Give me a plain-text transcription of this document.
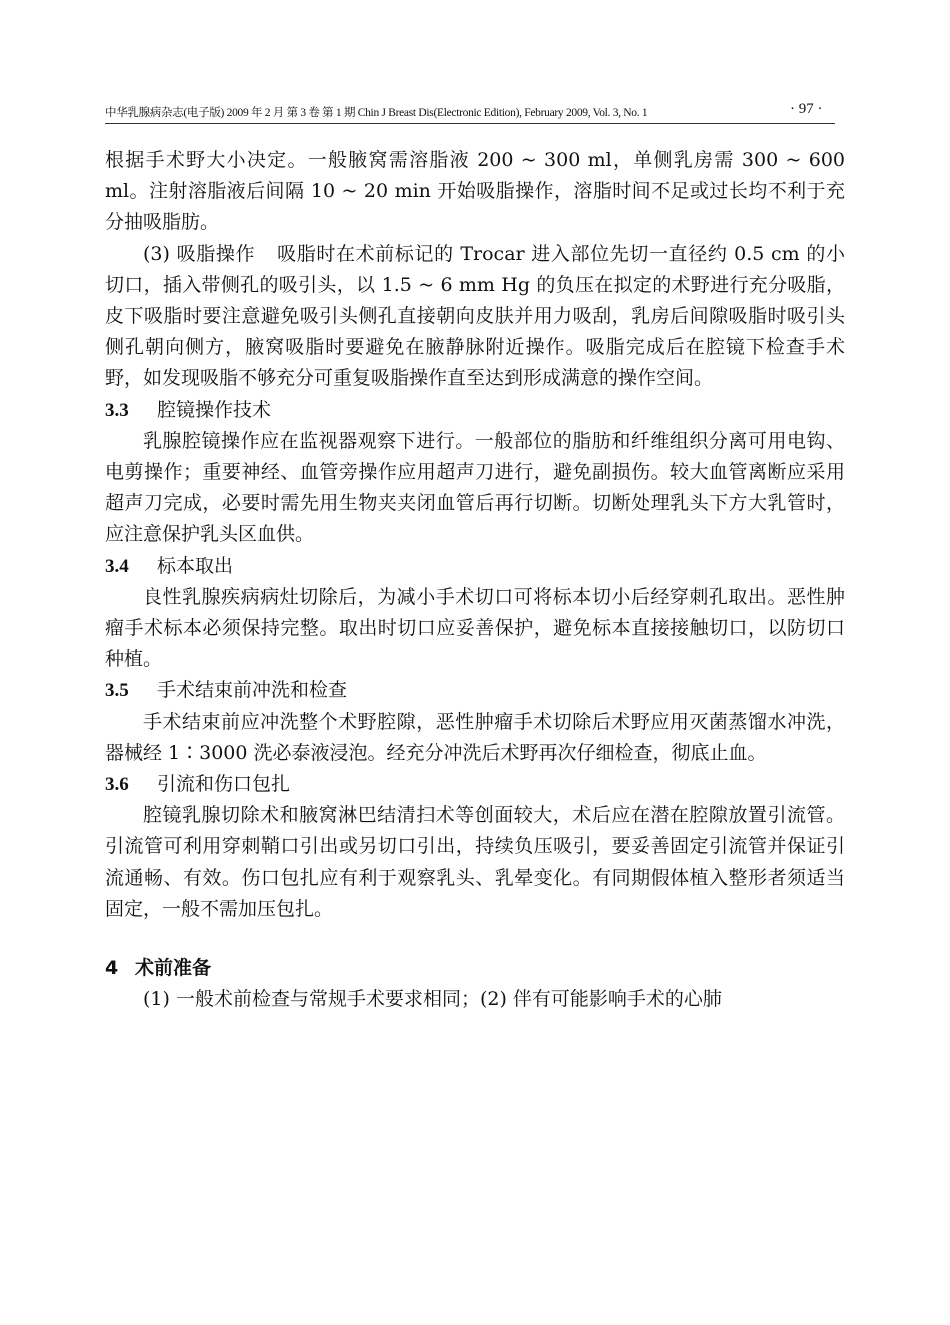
中华乳腺病杂志(电子版) 2009 年 2 月 第 3 卷 第 1 期 Chin J Breast Dis(Electronic Edition), February 2009, Vol. 3, No. 1	· 97 ·

根据手术野大小决定。一般腋窝需溶脂液 200 ~ 300 ml，单侧乳房需 300 ~ 600 ml。注射溶脂液后间隔 10 ~ 20 min 开始吸脂操作，溶脂时间不足或过长均不利于充分抽吸脂肪。

(3) 吸脂操作 吸脂时在术前标记的 Trocar 进入部位先切一直径约 0.5 cm 的小切口，插入带侧孔的吸引头，以 1.5 ~ 6 mm Hg 的负压在拟定的术野进行充分吸脂，皮下吸脂时要注意避免吸引头侧孔直接朝向皮肤并用力吸刮，乳房后间隙吸脂时吸引头侧孔朝向侧方，腋窝吸脂时要避免在腋静脉附近操作。吸脂完成后在腔镜下检查手术野，如发现吸脂不够充分可重复吸脂操作直至达到形成满意的操作空间。

3.3 腔镜操作技术

乳腺腔镜操作应在监视器观察下进行。一般部位的脂肪和纤维组织分离可用电钩、电剪操作；重要神经、血管旁操作应用超声刀进行，避免副损伤。较大血管离断应采用超声刀完成，必要时需先用生物夹夹闭血管后再行切断。切断处理乳头下方大乳管时，应注意保护乳头区血供。

3.4 标本取出

良性乳腺疾病病灶切除后，为减小手术切口可将标本切小后经穿刺孔取出。恶性肿瘤手术标本必须保持完整。取出时切口应妥善保护，避免标本直接接触切口，以防切口种植。

3.5 手术结束前冲洗和检查

手术结束前应冲洗整个术野腔隙，恶性肿瘤手术切除后术野应用灭菌蒸馏水冲洗，器械经 1∶3000 洗必泰液浸泡。经充分冲洗后术野再次仔细检查，彻底止血。

3.6 引流和伤口包扎

腔镜乳腺切除术和腋窝淋巴结清扫术等创面较大，术后应在潜在腔隙放置引流管。引流管可利用穿刺鞘口引出或另切口引出，持续负压吸引，要妥善固定引流管并保证引流通畅、有效。伤口包扎应有利于观察乳头、乳晕变化。有同期假体植入整形者须适当固定，一般不需加压包扎。

4 术前准备

(1) 一般术前检查与常规手术要求相同；(2) 伴有可能影响手术的心肺
